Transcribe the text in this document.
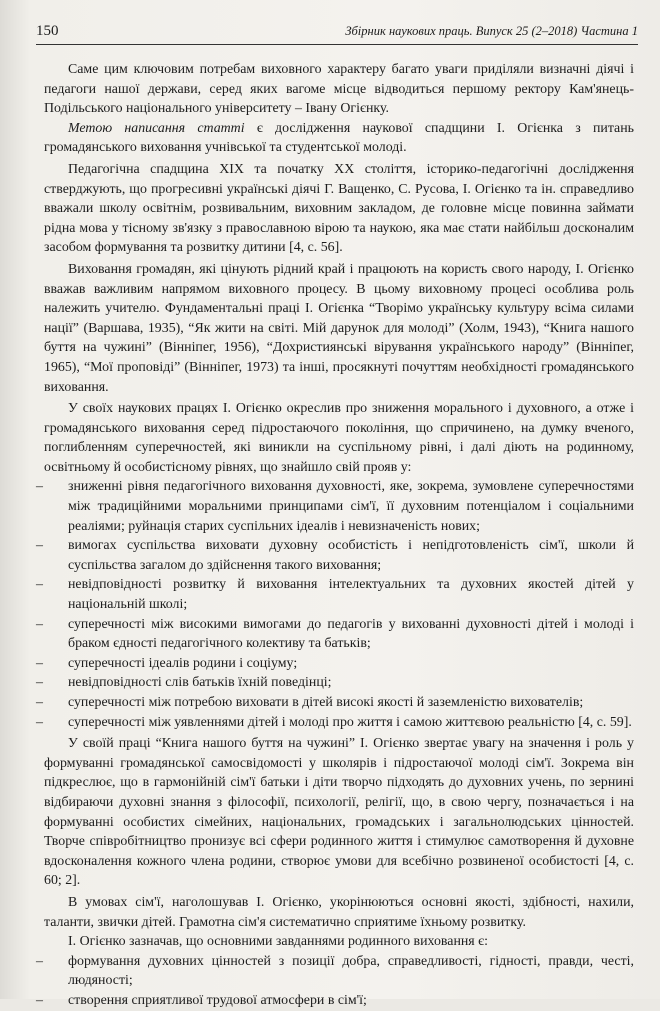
150	Збірник наукових праць. Випуск 25 (2–2018) Частина 1

Саме цим ключовим потребам виховного характеру багато уваги приділяли визначні діячі і педагоги нашої держави, серед яких вагоме місце відводиться першому ректору Кам'янець-Подільського національного університету – Івану Огієнку.

Метою написання статті є дослідження наукової спадщини І. Огієнка з питань громадянського виховання учнівської та студентської молоді.

Педагогічна спадщина XIX та початку XX століття, історико-педагогічні дослідження стверджують, що прогресивні українські діячі Г. Ващенко, С. Русова, І. Огієнко та ін. справедливо вважали школу освітнім, розвивальним, виховним закладом, де головне місце повинна займати рідна мова у тісному зв'язку з православною вірою та наукою, яка має стати найбільш досконалим засобом формування та розвитку дитини [4, с. 56].

Виховання громадян, які цінують рідний край і працюють на користь свого народу, І. Огієнко вважав важливим напрямом виховного процесу. В цьому виховному процесі особлива роль належить учителю. Фундаментальні праці І. Огієнка “Творімо українську культуру всіма силами нації” (Варшава, 1935), “Як жити на світі. Мій дарунок для молоді” (Холм, 1943), “Книга нашого буття на чужині” (Вінніпег, 1956), “Дохристиянські вірування українського народу” (Вінніпег, 1965), “Мої проповіді” (Вінніпег, 1973) та інші, просякнуті почуттям необхідності громадянського виховання.

У своїх наукових працях І. Огієнко окреслив про зниження морального і духовного, а отже і громадянського виховання серед підростаючого покоління, що спричинено, на думку вченого, поглибленням суперечностей, які виникли на суспільному рівні, і далі діють на родинному, освітньому й особистісному рівнях, що знайшло свій прояв у:

– зниженні рівня педагогічного виховання духовності, яке, зокрема, зумовлене суперечностями між традиційними моральними принципами сім'ї, її духовним потенціалом і соціальними реаліями; руйнація старих суспільних ідеалів і невизначеність нових;
– вимогах суспільства виховати духовну особистість і непідготовленість сім'ї, школи й суспільства загалом до здійснення такого виховання;
– невідповідності розвитку й виховання інтелектуальних та духовних якостей дітей у національній школі;
– суперечності між високими вимогами до педагогів у вихованні духовності дітей і молоді і браком єдності педагогічного колективу та батьків;
– суперечності ідеалів родини і соціуму;
– невідповідності слів батьків їхній поведінці;
– суперечності між потребою виховати в дітей високі якості й заземленістю вихователів;
– суперечності між уявленнями дітей і молоді про життя і самою життєвою реальністю [4, с. 59].

У своїй праці “Книга нашого буття на чужині” І. Огієнко звертає увагу на значення і роль у формуванні громадянської самосвідомості у школярів і підростаючої молоді сім'ї. Зокрема він підкреслює, що в гармонійній сім'ї батьки і діти творчо підходять до духовних учень, по зернині відбираючи духовні знання з філософії, психології, релігії, що, в свою чергу, позначається і на формуванні особистих сімейних, національних, громадських і загальнолюдських цінностей. Творче співробітництво пронизує всі сфери родинного життя і стимулює самотворення й духовне вдосконалення кожного члена родини, створює умови для всебічно розвиненої особистості [4, с. 60; 2].

В умовах сім'ї, наголошував І. Огієнко, укорінюються основні якості, здібності, нахили, таланти, звички дітей. Грамотна сім'я систематично сприятиме їхньому розвитку.

І. Огієнко зазначав, що основними завданнями родинного виховання є:

– формування духовних цінностей з позиції добра, справедливості, гідності, правди, честі, людяності;
– створення сприятливої трудової атмосфери в сім'ї;
